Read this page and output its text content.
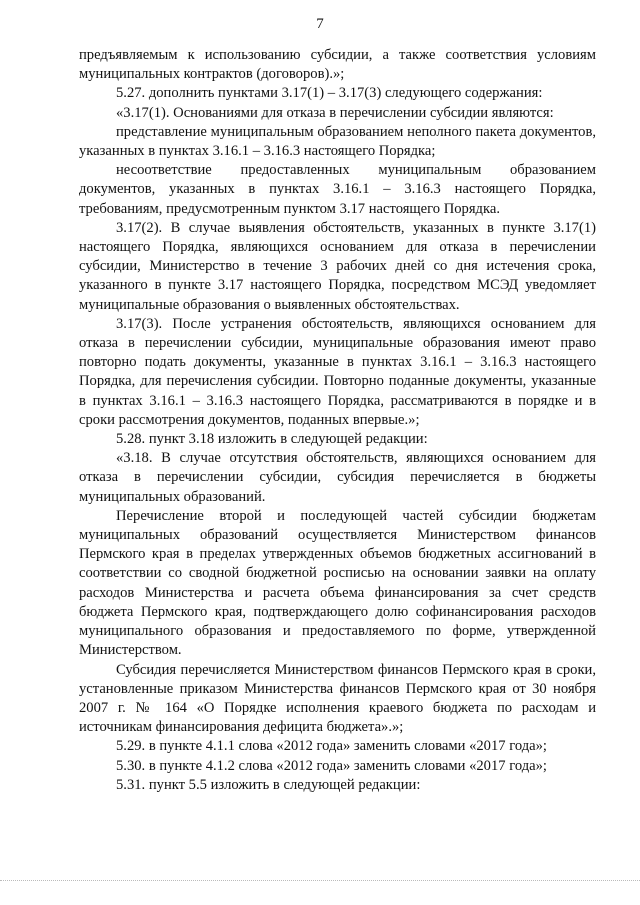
7

предъявляемым к использованию субсидии, а также соответствия условиям муниципальных контрактов (договоров).»;

5.27. дополнить пунктами 3.17(1) – 3.17(3) следующего содержания:

«3.17(1). Основаниями для отказа в перечислении субсидии являются:

представление муниципальным образованием неполного пакета документов, указанных в пунктах 3.16.1 – 3.16.3 настоящего Порядка;

несоответствие предоставленных муниципальным образованием документов, указанных в пунктах 3.16.1 – 3.16.3 настоящего Порядка, требованиям, предусмотренным пунктом 3.17 настоящего Порядка.

3.17(2). В случае выявления обстоятельств, указанных в пункте 3.17(1) настоящего Порядка, являющихся основанием для отказа в перечислении субсидии, Министерство в течение 3 рабочих дней со дня истечения срока, указанного в пункте 3.17 настоящего Порядка, посредством МСЭД уведомляет муниципальные образования о выявленных обстоятельствах.

3.17(3). После устранения обстоятельств, являющихся основанием для отказа в перечислении субсидии, муниципальные образования имеют право повторно подать документы, указанные в пунктах 3.16.1 – 3.16.3 настоящего Порядка, для перечисления субсидии. Повторно поданные документы, указанные в пунктах 3.16.1 – 3.16.3 настоящего Порядка, рассматриваются в порядке и в сроки рассмотрения документов, поданных впервые.»;

5.28. пункт 3.18 изложить в следующей редакции:

«3.18. В случае отсутствия обстоятельств, являющихся основанием для отказа в перечислении субсидии, субсидия перечисляется в бюджеты муниципальных образований.

Перечисление второй и последующей частей субсидии бюджетам муниципальных образований осуществляется Министерством финансов Пермского края в пределах утвержденных объемов бюджетных ассигнований в соответствии со сводной бюджетной росписью на основании заявки на оплату расходов Министерства и расчета объема финансирования за счет средств бюджета Пермского края, подтверждающего долю софинансирования расходов муниципального образования и предоставляемого по форме, утвержденной Министерством.

Субсидия перечисляется Министерством финансов Пермского края в сроки, установленные приказом Министерства финансов Пермского края от 30 ноября 2007 г. № 164 «О Порядке исполнения краевого бюджета по расходам и источникам финансирования дефицита бюджета».»;

5.29. в пункте 4.1.1 слова «2012 года» заменить словами «2017 года»;

5.30. в пункте 4.1.2 слова «2012 года» заменить словами «2017 года»;

5.31. пункт 5.5 изложить в следующей редакции:
